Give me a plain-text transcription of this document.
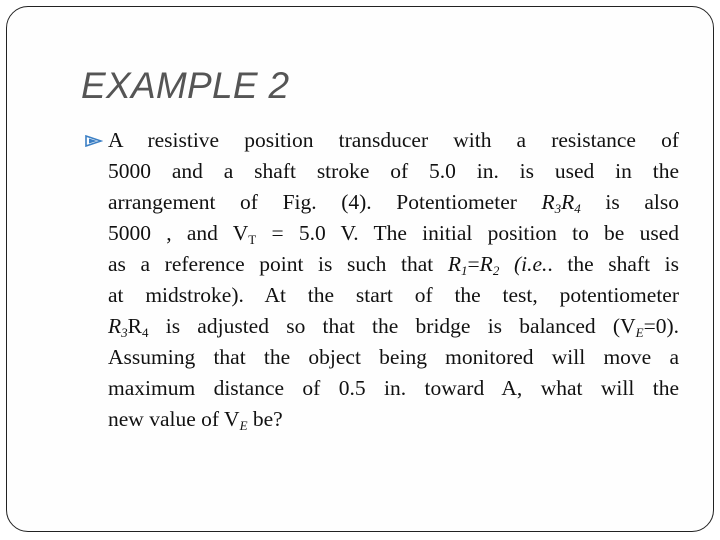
EXAMPLE 2
A resistive position transducer with a resistance of
5000 and a shaft stroke of 5.0 in. is used in the
arrangement of Fig. (4). Potentiometer $R_3R_4$ is also
5000 , and $V_T = 5.0$ V. The initial position to be used
as a reference point is such that $R_1=R_2$ (i.e.. the shaft is
at midstroke). At the start of the test, potentiometer
$R_3R_4$ is adjusted so that the bridge is balanced $(V_E=0)$.
Assuming that the object being monitored will move a
maximum distance of 0.5 in. toward A, what will the
new value of $V_E$ be?
